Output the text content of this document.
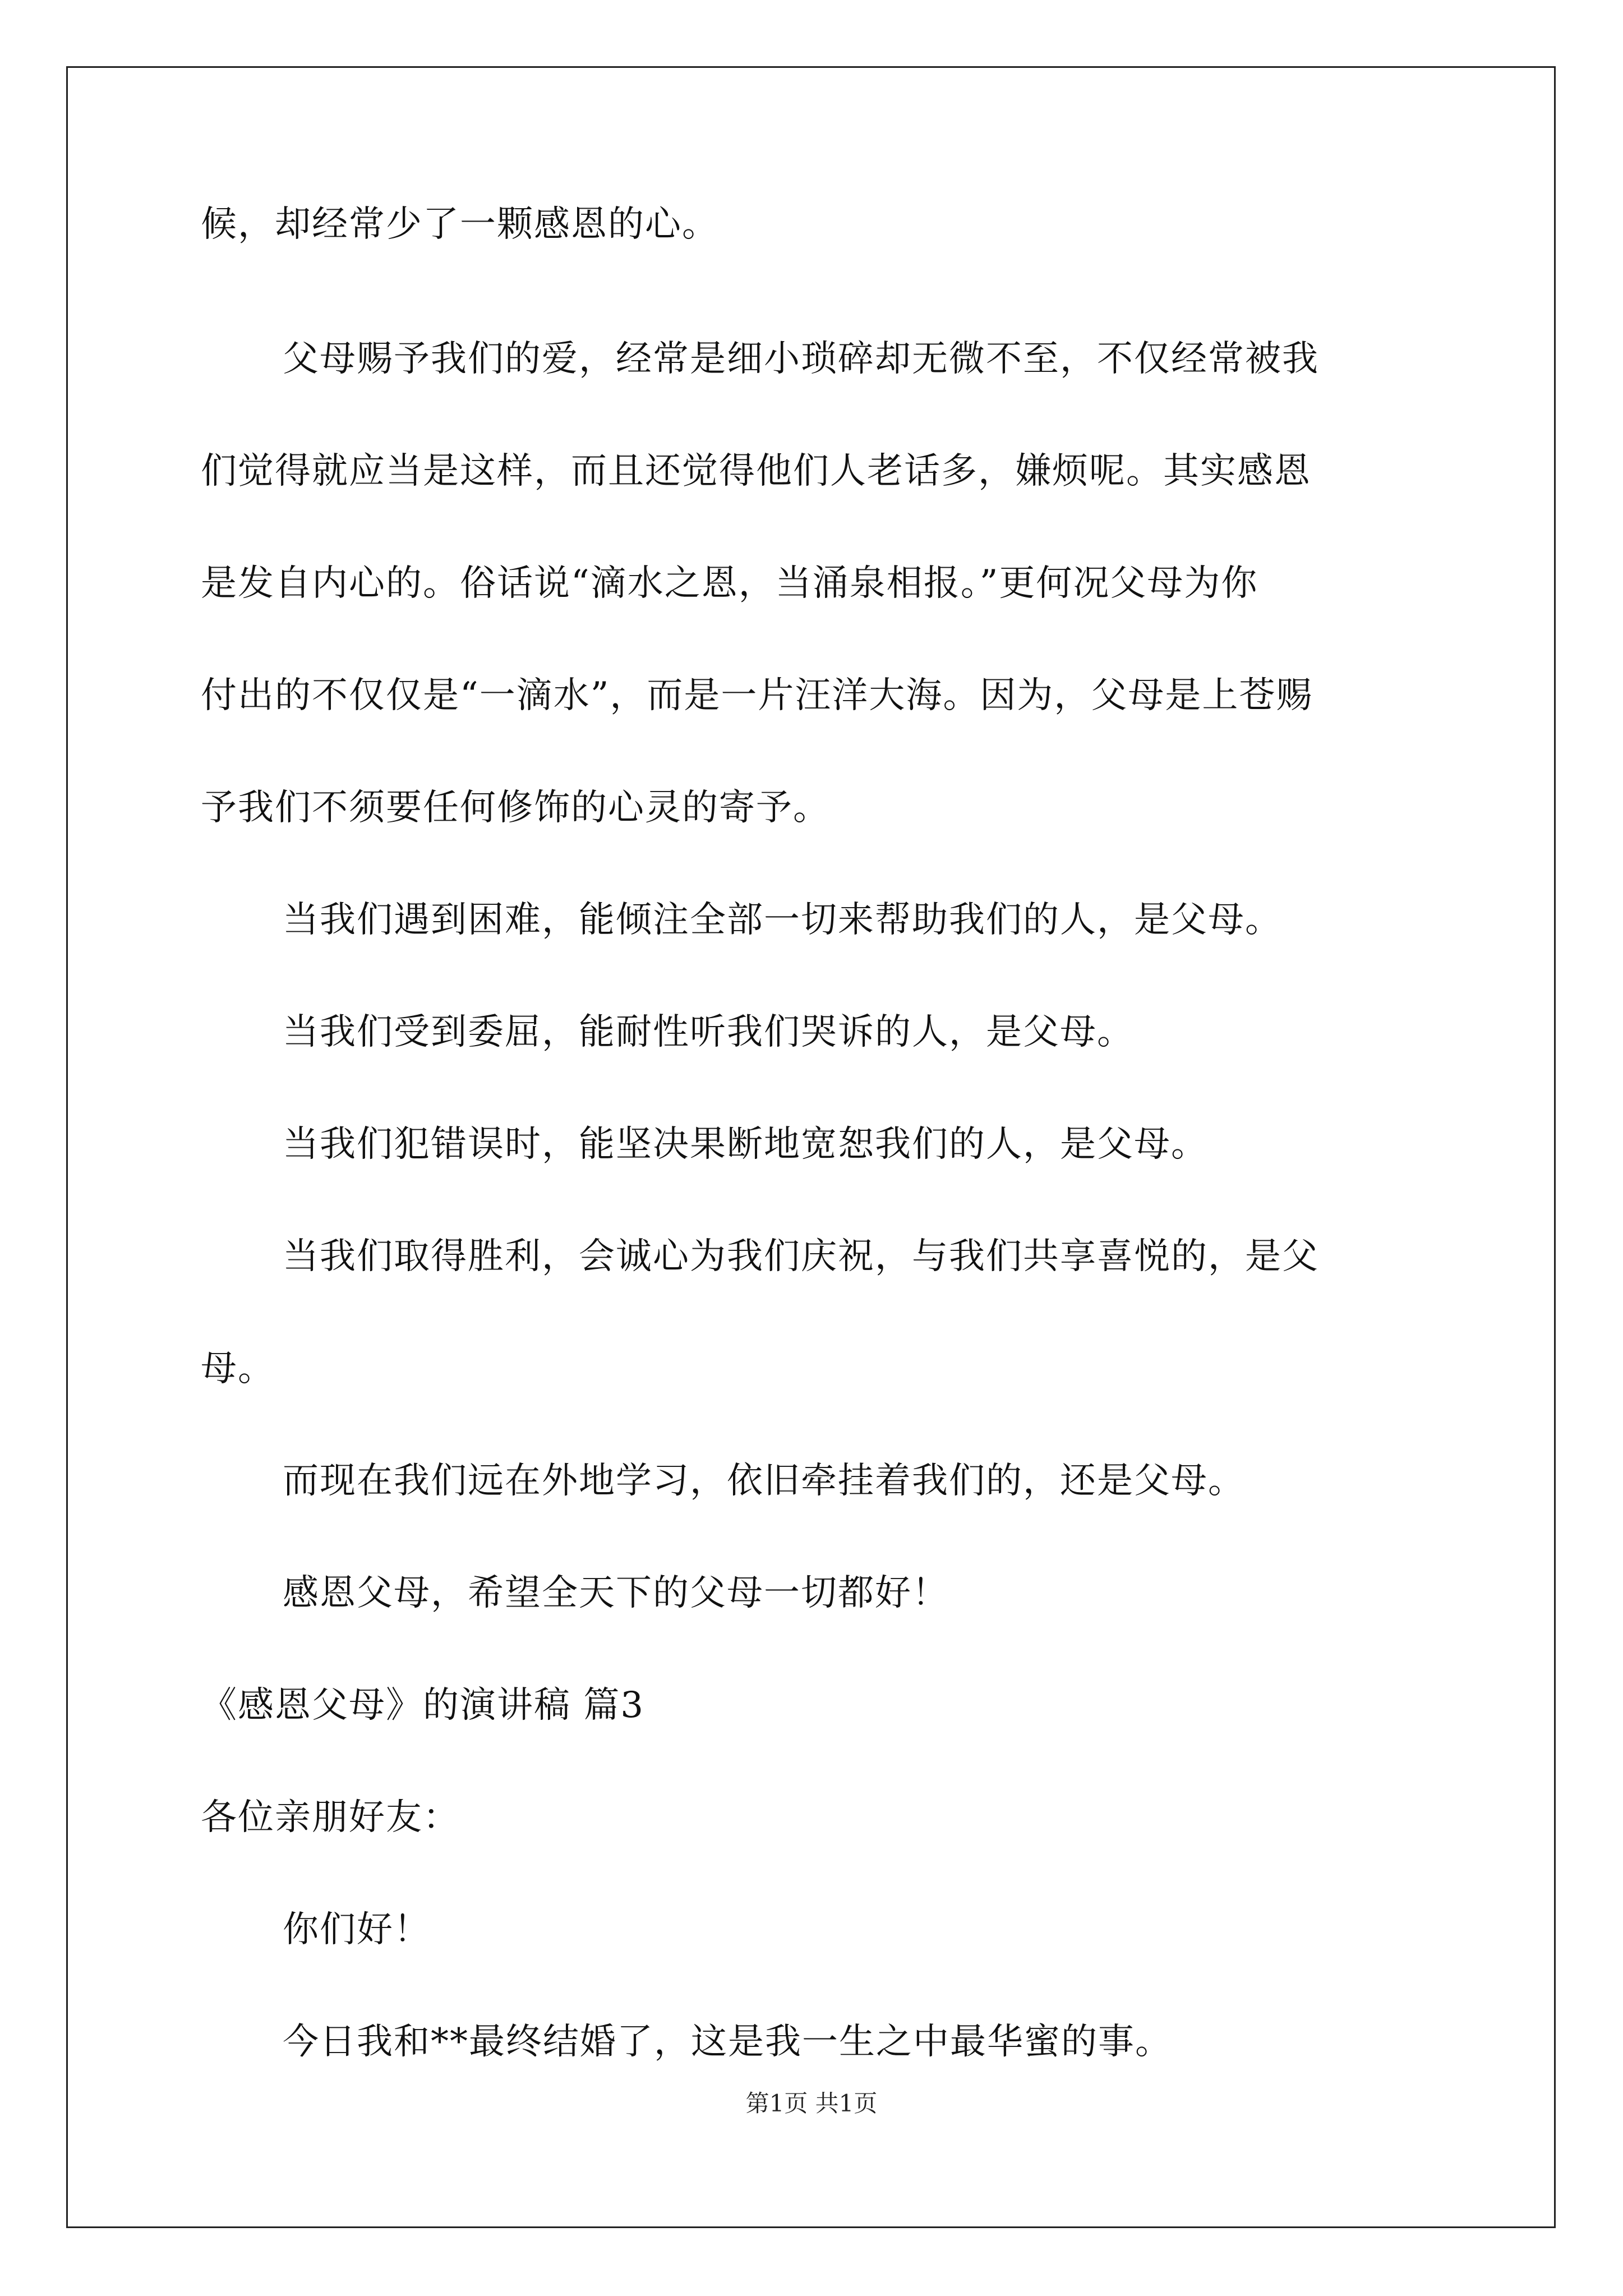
候，却经常少了一颗感恩的心。
父母赐予我们的爱，经常是细小琐碎却无微不至，不仅经常被我
们觉得就应当是这样，而且还觉得他们人老话多，嫌烦呢。其实感恩
是发自内心的。俗话说“滴水之恩，当涌泉相报。”更何况父母为你
付出的不仅仅是“一滴水”，而是一片汪洋大海。因为，父母是上苍赐
予我们不须要任何修饰的心灵的寄予。
当我们遇到困难，能倾注全部一切来帮助我们的人，是父母。
当我们受到委屈，能耐性听我们哭诉的人，是父母。
当我们犯错误时，能坚决果断地宽恕我们的人，是父母。
当我们取得胜利，会诚心为我们庆祝，与我们共享喜悦的，是父
母。
而现在我们远在外地学习，依旧牵挂着我们的，还是父母。
感恩父母，希望全天下的父母一切都好！
《感恩父母》的演讲稿 篇3
各位亲朋好友：
你们好！
今日我和**最终结婚了，这是我一生之中最华蜜的事。
第1页 共1页
